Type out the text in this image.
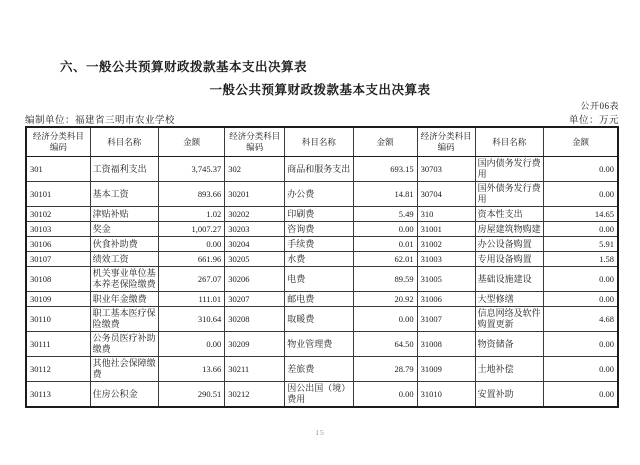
六、一般公共预算财政拨款基本支出决算表
一般公共预算财政拨款基本支出决算表
公开06表
编制单位：福建省三明市农业学校	单位：万元
经济分类科目编码	科目名称	金额	经济分类科目编码	科目名称	金额	经济分类科目编码	科目名称	金额
301	工资福利支出	3,745.37	302	商品和服务支出	693.15	30703	国内债务发行费用	0.00
30101	基本工资	893.66	30201	办公费	14.81	30704	国外债务发行费用	0.00
30102	津贴补贴	1.02	30202	印刷费	5.49	310	资本性支出	14.65
30103	奖金	1,007.27	30203	咨询费	0.00	31001	房屋建筑物购建	0.00
30106	伙食补助费	0.00	30204	手续费	0.01	31002	办公设备购置	5.91
30107	绩效工资	661.96	30205	水费	62.01	31003	专用设备购置	1.58
30108	机关事业单位基本养老保险缴费	267.07	30206	电费	89.59	31005	基础设施建设	0.00
30109	职业年金缴费	111.01	30207	邮电费	20.92	31006	大型修缮	0.00
30110	职工基本医疗保险缴费	310.64	30208	取暖费	0.00	31007	信息网络及软件购置更新	4.68
30111	公务员医疗补助缴费	0.00	30209	物业管理费	64.50	31008	物资储备	0.00
30112	其他社会保障缴费	13.66	30211	差旅费	28.79	31009	土地补偿	0.00
30113	住房公积金	290.51	30212	因公出国（境）费用	0.00	31010	安置补助	0.00
15
